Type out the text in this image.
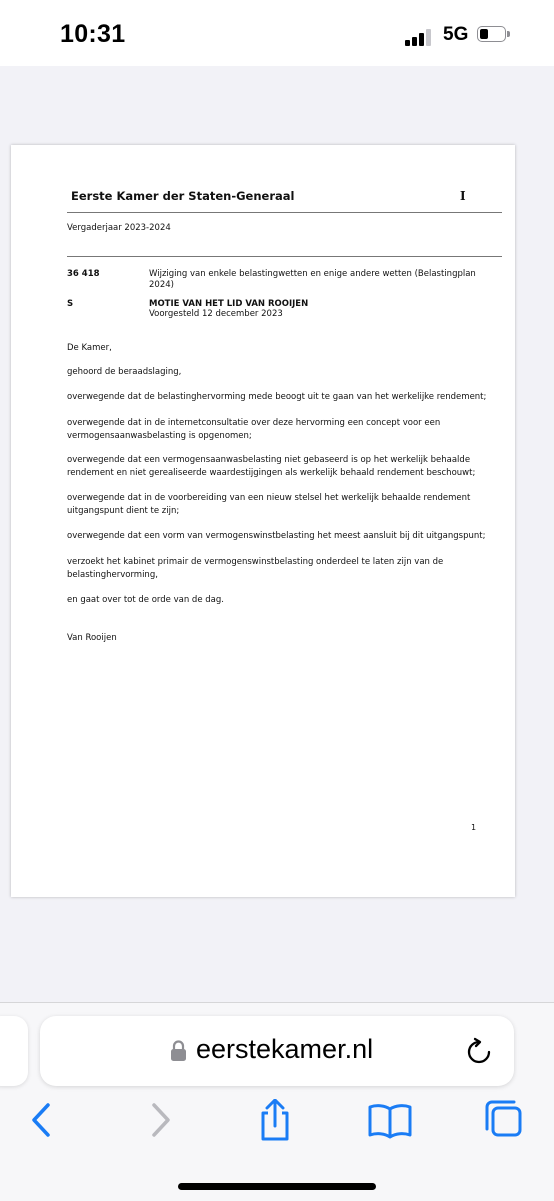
10:31	5G
Eerste Kamer der Staten-Generaal	I
Vergaderjaar 2023-2024
36 418	Wijziging van enkele belastingwetten en enige andere wetten (Belastingplan 2024)
S	MOTIE VAN HET LID VAN ROOIJEN
Voorgesteld 12 december 2023
De Kamer,
gehoord de beraadslaging,
overwegende dat de belastinghervorming mede beoogt uit te gaan van het werkelijke rendement;
overwegende dat in de internetconsultatie over deze hervorming een concept voor een vermogensaanwasbelasting is opgenomen;
overwegende dat een vermogensaanwasbelasting niet gebaseerd is op het werkelijk behaalde rendement en niet gerealiseerde waardestijgingen als werkelijk behaald rendement beschouwt;
overwegende dat in de voorbereiding van een nieuw stelsel het werkelijk behaalde rendement uitgangspunt dient te zijn;
overwegende dat een vorm van vermogenswinstbelasting het meest aansluit bij dit uitgangspunt;
verzoekt het kabinet primair de vermogenswinstbelasting onderdeel te laten zijn van de belastinghervorming,
en gaat over tot de orde van de dag.
Van Rooijen
1
eerstekamer.nl
